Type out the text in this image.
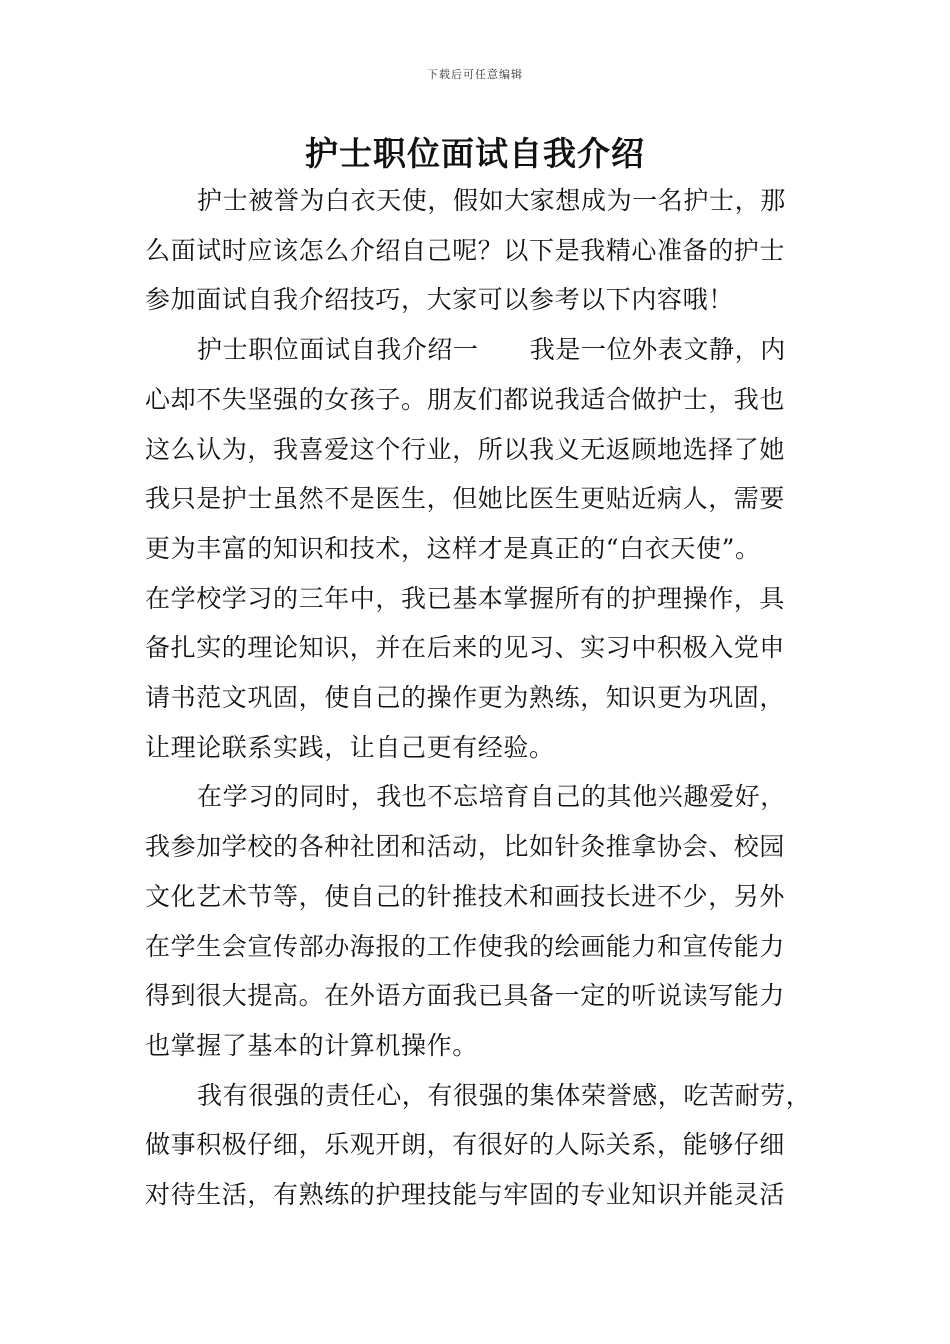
下载后可任意编辑
护士职位面试自我介绍

护士被誉为白衣天使，假如大家想成为一名护士，那
么面试时应该怎么介绍自己呢？以下是我精心准备的护士
参加面试自我介绍技巧，大家可以参考以下内容哦！

护士职位面试自我介绍一　　我是一位外表文静，内
心却不失坚强的女孩子。朋友们都说我适合做护士，我也
这么认为，我喜爱这个行业，所以我义无返顾地选择了她
我只是护士虽然不是医生，但她比医生更贴近病人，需要
更为丰富的知识和技术，这样才是真正的“白衣天使”。
在学校学习的三年中，我已基本掌握所有的护理操作，具
备扎实的理论知识，并在后来的见习、实习中积极入党申
请书范文巩固，使自己的操作更为熟练，知识更为巩固，
让理论联系实践，让自己更有经验。

在学习的同时，我也不忘培育自己的其他兴趣爱好，
我参加学校的各种社团和活动，比如针灸推拿协会、校园
文化艺术节等，使自己的针推技术和画技长进不少，另外
在学生会宣传部办海报的工作使我的绘画能力和宣传能力
得到很大提高。在外语方面我已具备一定的听说读写能力
也掌握了基本的计算机操作。

我有很强的责任心，有很强的集体荣誉感，吃苦耐劳，
做事积极仔细，乐观开朗，有很好的人际关系，能够仔细
对待生活，有熟练的护理技能与牢固的专业知识并能灵活
